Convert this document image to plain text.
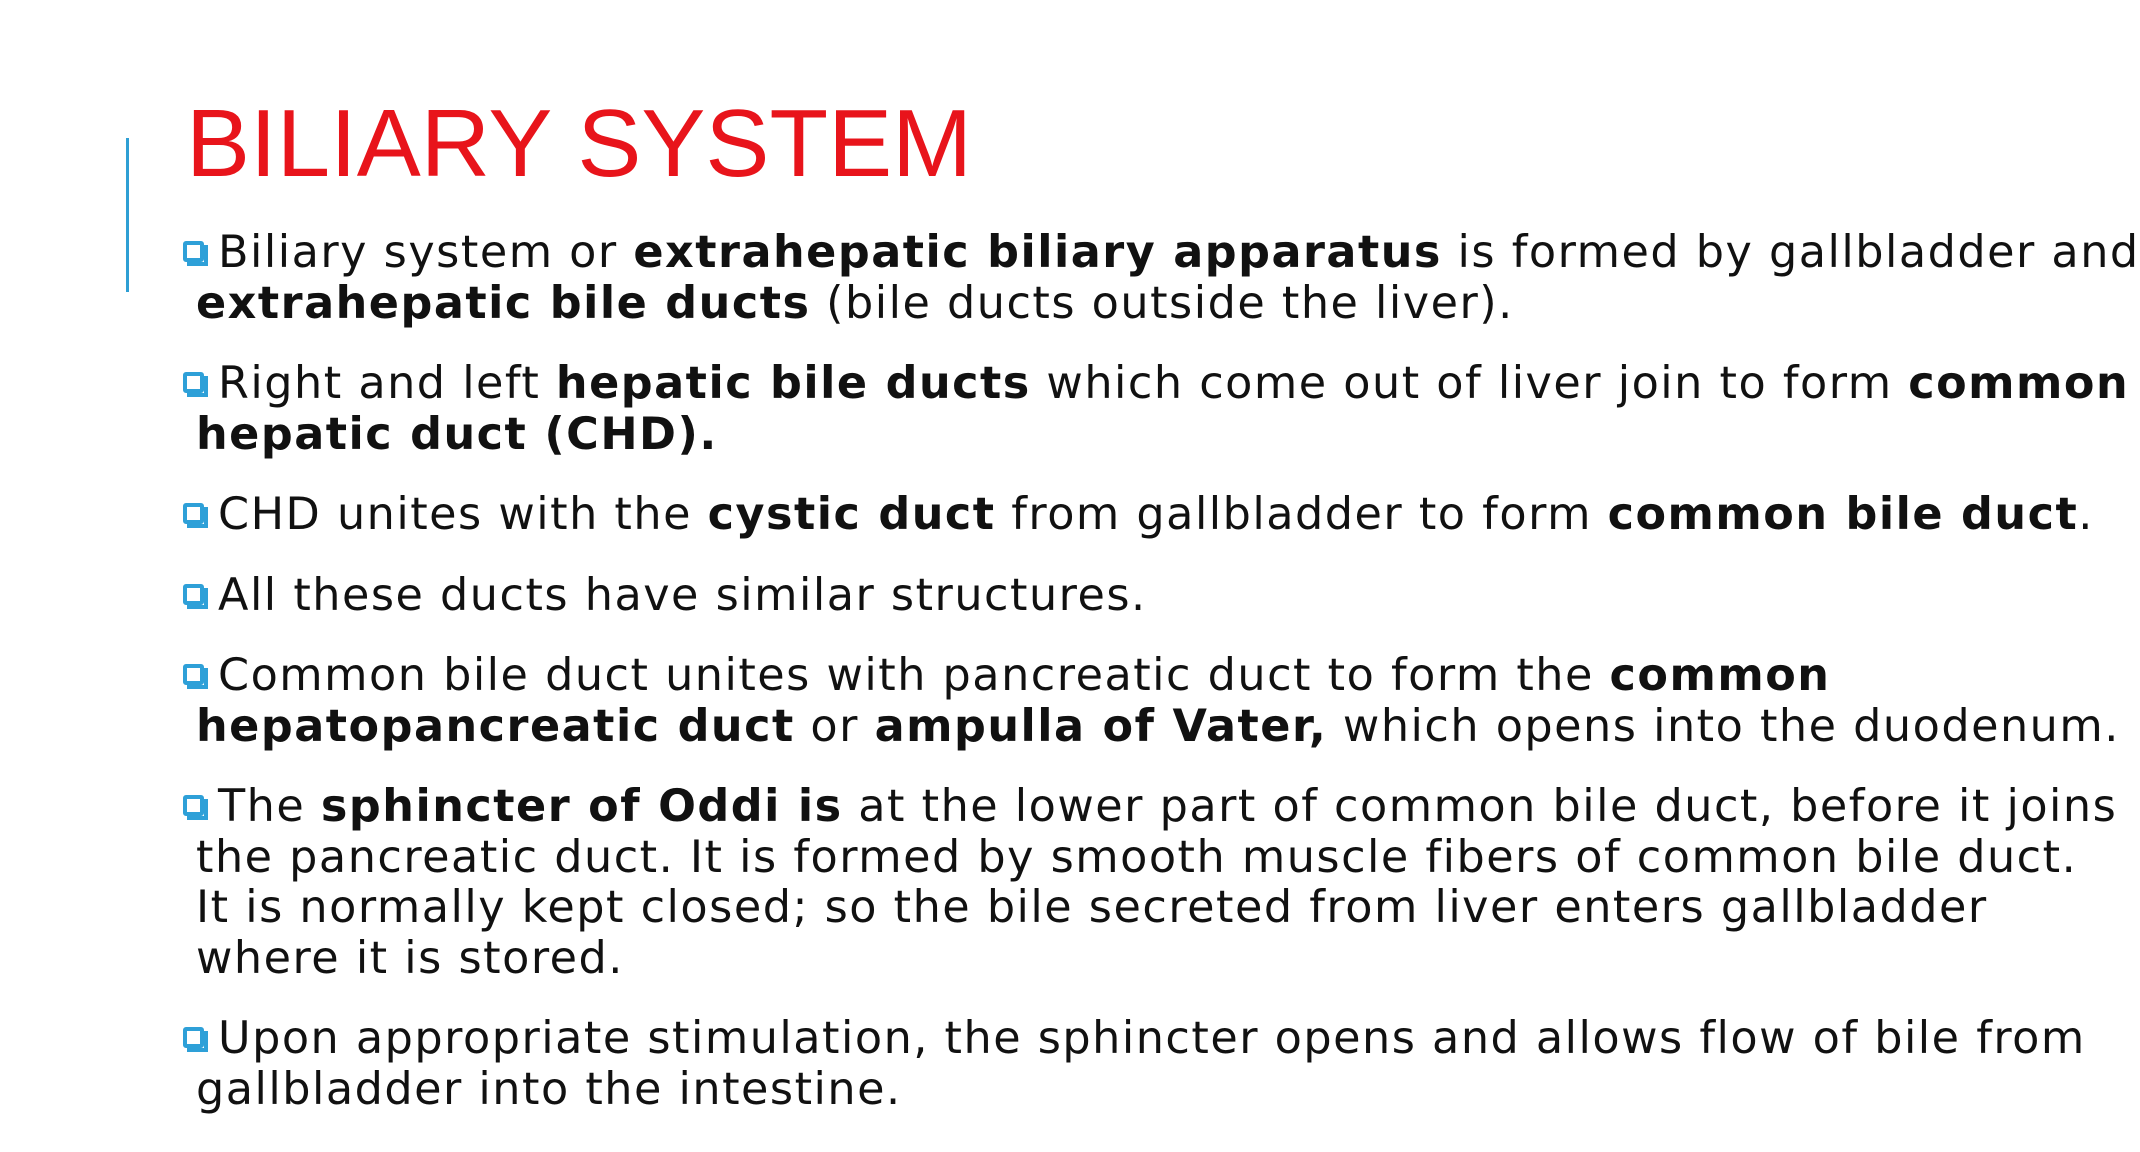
BILIARY SYSTEM
Biliary system or extrahepatic biliary apparatus is formed by gallbladder and
extrahepatic bile ducts (bile ducts outside the liver).
Right and left hepatic bile ducts which come out of liver join to form common
hepatic duct (CHD).
CHD unites with the cystic duct from gallbladder to form common bile duct.
All these ducts have similar structures.
Common bile duct unites with pancreatic duct to form the common
hepatopancreatic duct or ampulla of Vater, which opens into the duodenum.
The sphincter of Oddi is at the lower part of common bile duct, before it joins
the pancreatic duct. It is formed by smooth muscle fibers of common bile duct.
It is normally kept closed; so the bile secreted from liver enters gallbladder
where it is stored.
Upon appropriate stimulation, the sphincter opens and allows flow of bile from
gallbladder into the intestine.
